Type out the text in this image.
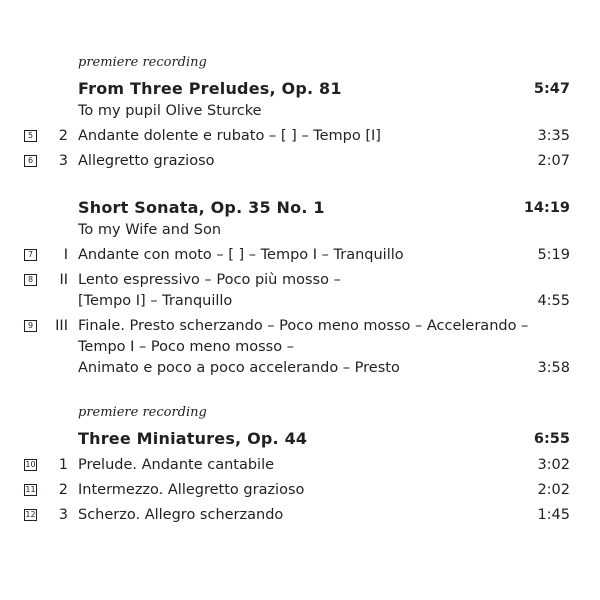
premiere recording
From Three Preludes, Op. 81	5:47
To my pupil Olive Sturcke
5	2 Andante dolente e rubato – [ ] – Tempo [I]	3:35
6	3 Allegretto grazioso	2:07
Short Sonata, Op. 35 No. 1	14:19
To my Wife and Son
7	I Andante con moto – [ ] – Tempo I – Tranquillo	5:19
8	II Lento espressivo – Poco più mosso –
[Tempo I] – Tranquillo	4:55
9	III Finale. Presto scherzando – Poco meno mosso – Accelerando –
Tempo I – Poco meno mosso –
Animato e poco a poco accelerando – Presto	3:58
premiere recording
Three Miniatures, Op. 44	6:55
10	1 Prelude. Andante cantabile	3:02
11	2 Intermezzo. Allegretto grazioso	2:02
12	3 Scherzo. Allegro scherzando	1:45
